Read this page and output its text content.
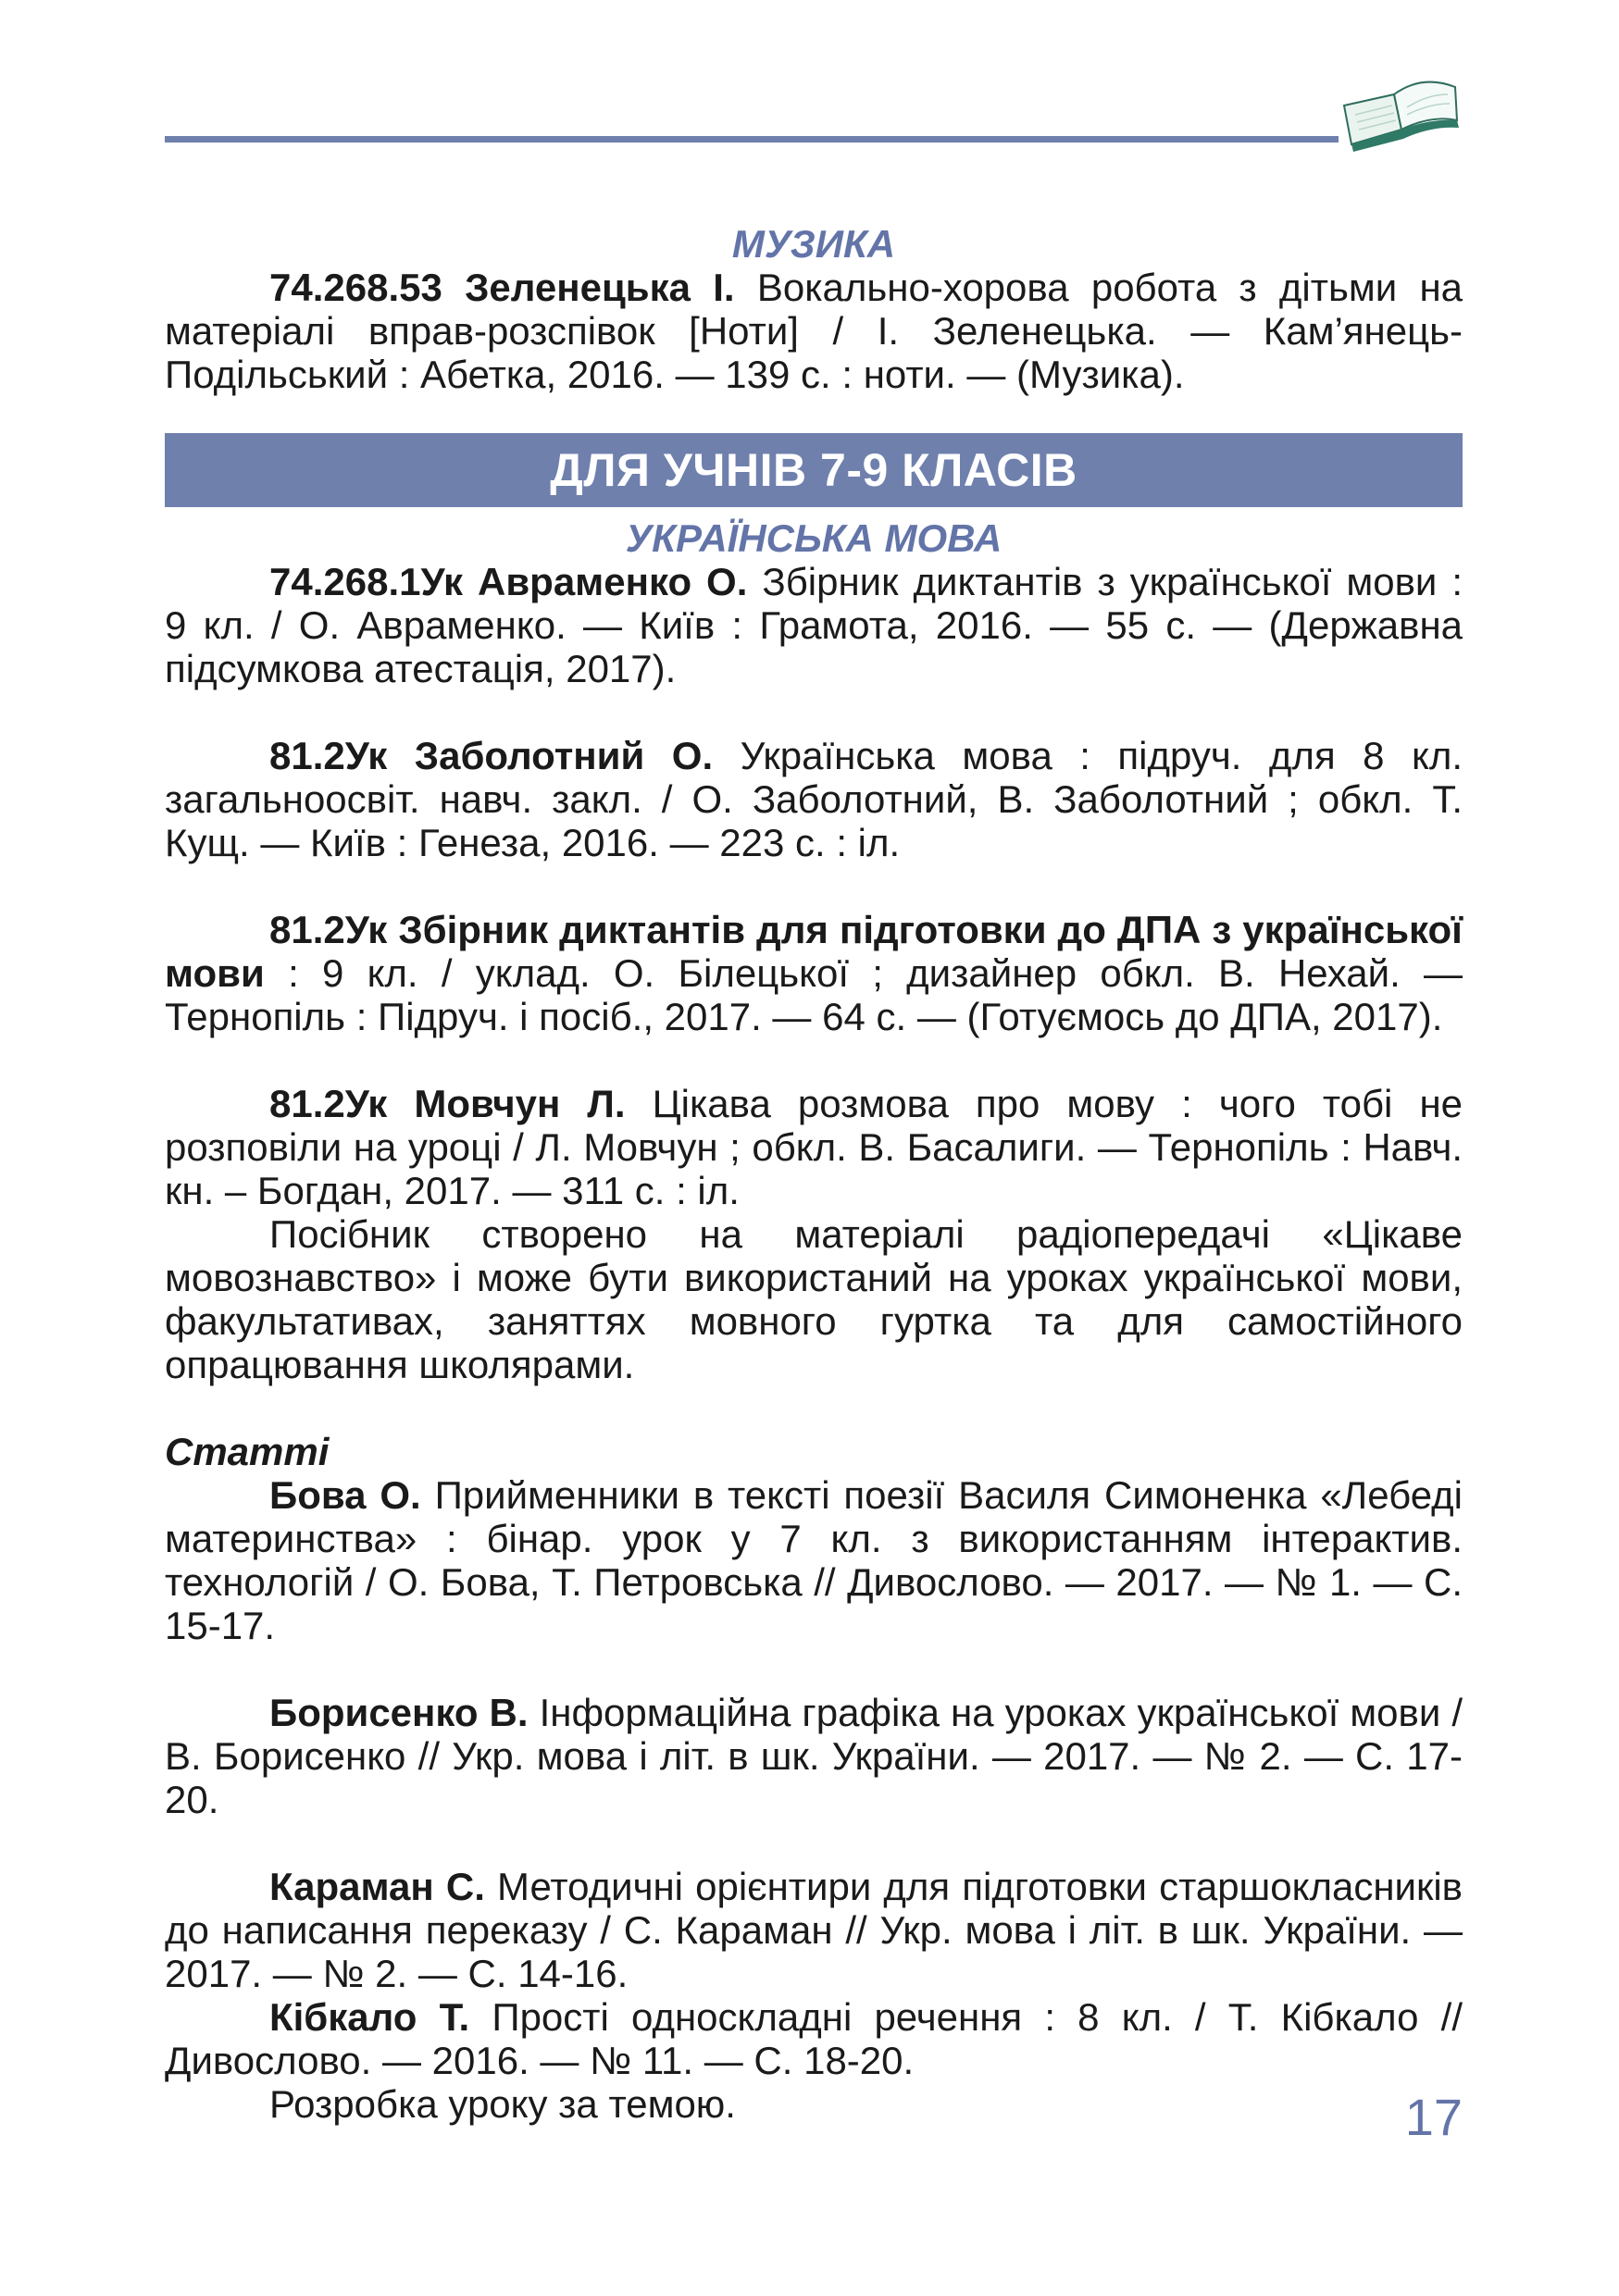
МУЗИКА

74.268.53 Зеленецька І. Вокально-хорова робота з дітьми на матеріалі вправ-розспівок [Ноти] / І. Зеленецька. — Кам’янець-Подільський : Абетка, 2016. — 139 с. : ноти. — (Музика).

ДЛЯ УЧНІВ 7-9 КЛАСІВ

УКРАЇНСЬКА МОВА

74.268.1Ук Авраменко О. Збірник диктантів з української мови : 9 кл. / О. Авраменко. — Київ : Грамота, 2016. — 55 с. — (Державна підсумкова атестація, 2017).

81.2Ук Заболотний О. Українська мова : підруч. для 8 кл. загальноосвіт. навч. закл. / О. Заболотний, В. Заболотний ; обкл. Т. Кущ. — Київ : Генеза, 2016. — 223 с. : іл.

81.2Ук Збірник диктантів для підготовки до ДПА з української мови : 9 кл. / уклад. О. Білецької ; дизайнер обкл. В. Нехай. — Тернопіль : Підруч. і посіб., 2017. — 64 с. — (Готуємось до ДПА, 2017).

81.2Ук Мовчун Л. Цікава розмова про мову : чого тобі не розповіли на уроці / Л. Мовчун ; обкл. В. Басалиги. — Тернопіль : Навч. кн. – Богдан, 2017. — 311 с. : іл.

Посібник створено на матеріалі радіопередачі «Цікаве мовознавство» і може бути використаний на уроках української мови, факультативах, заняттях мовного гуртка та для самостійного опрацювання школярами.

Статті

Бова О. Прийменники в тексті поезії Василя Симоненка «Лебеді материнства» : бінар. урок у 7 кл. з використанням інтерактив. технологій / О. Бова, Т. Петровська // Дивослово. — 2017. — № 1. — С. 15-17.

Борисенко В. Інформаційна графіка на уроках української мови / В. Борисенко // Укр. мова і літ. в шк. України. — 2017. — № 2. — С. 17-20.

Караман С. Методичні орієнтири для підготовки старшокласників до написання переказу / С. Караман // Укр. мова і літ. в шк. України. — 2017. — № 2. — С. 14-16.

Кібкало Т. Прості односкладні речення : 8 кл. / Т. Кібкало // Дивослово. — 2016. — № 11. — С. 18-20.

Розробка уроку за темою.	17
